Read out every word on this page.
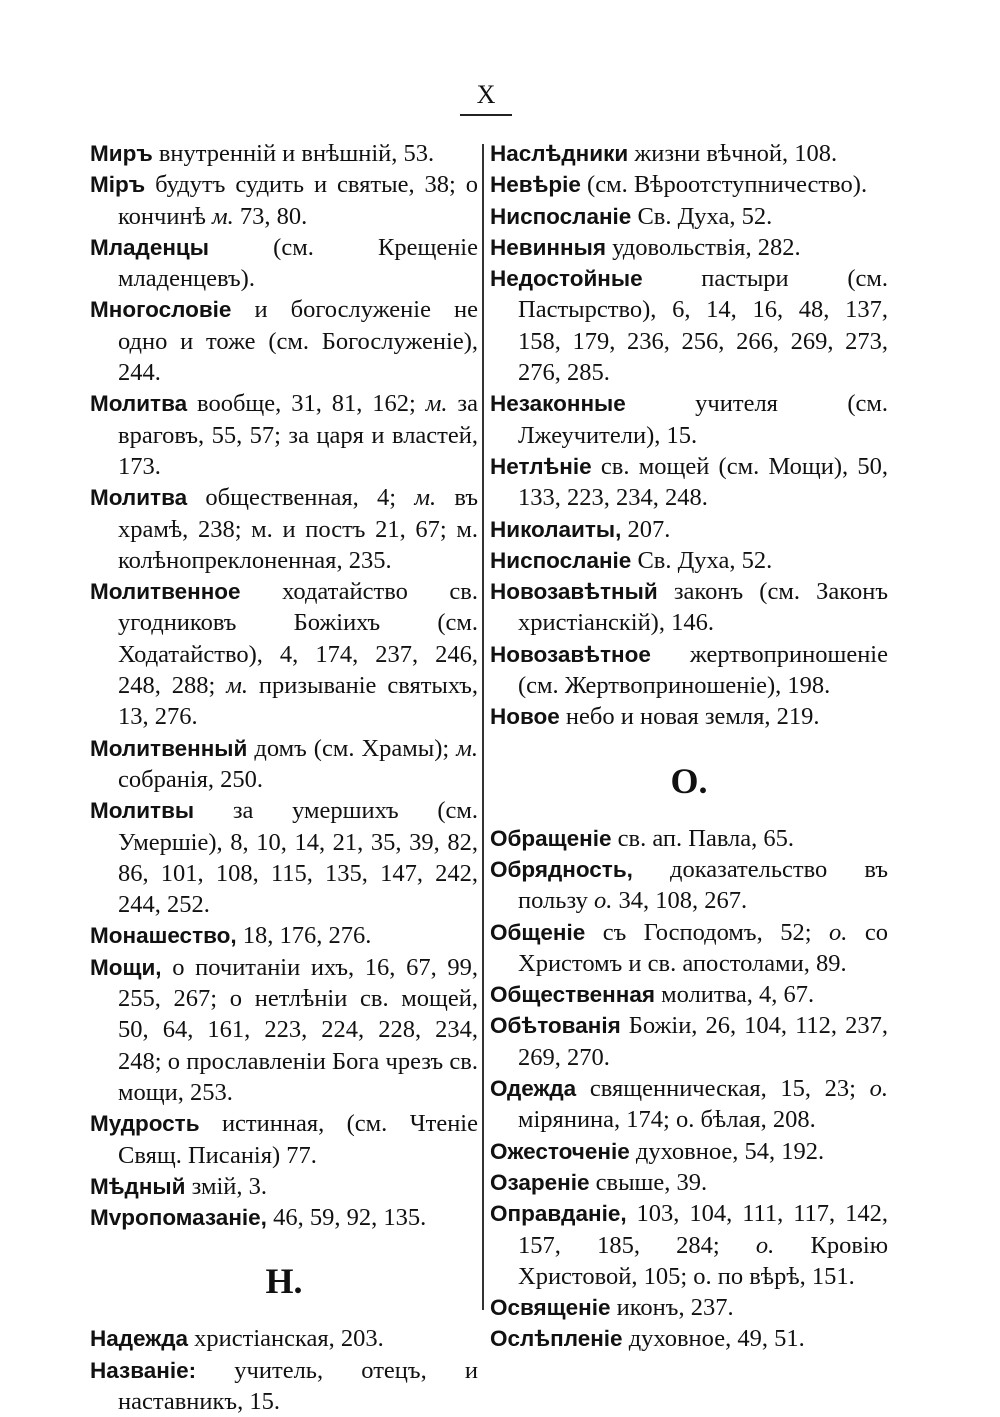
X
Миръ внутренній и внѣшній, 53.
Міръ будутъ судить и святые, 38; о кончинѣ м. 73, 80.
Младенцы (см. Крещеніе младенцевъ).
Многословіе и богослуженіе не одно и тоже (см. Богослуженіе), 244.
Молитва вообще, 31, 81, 162; м. за враговъ, 55, 57; за царя и властей, 173.
Молитва общественная, 4; м. въ храмѣ, 238; м. и постъ 21, 67; м. колѣнопреклоненная, 235.
Молитвенное ходатайство св. угодниковъ Божіихъ (см. Ходатайство), 4, 174, 237, 246, 248, 288; м. призываніе святыхъ, 13, 276.
Молитвенный домъ (см. Храмы); м. собранія, 250.
Молитвы за умершихъ (см. Умершіе), 8, 10, 14, 21, 35, 39, 82, 86, 101, 108, 115, 135, 147, 242, 244, 252.
Монашество, 18, 176, 276.
Мощи, о почитаніи ихъ, 16, 67, 99, 255, 267; о нетлѣніи св. мощей, 50, 64, 161, 223, 224, 228, 234, 248; о прославленіи Бога чрезъ св. мощи, 253.
Мудрость истинная, (см. Чтеніе Свящ. Писанія) 77.
Мѣдный змій, 3.
Мvропомазаніе, 46, 59, 92, 135.
Н.
Надежда христіанская, 203.
Названіе: учитель, отецъ, и наставникъ, 15.
Наслѣдники жизни вѣчной, 108.
Невѣріе (см. Вѣроотступничество).
Ниспосланіе Св. Духа, 52.
Невинныя удовольствія, 282.
Недостойные пастыри (см. Пастырство), 6, 14, 16, 48, 137, 158, 179, 236, 256, 266, 269, 273, 276, 285.
Незаконные учителя (см. Лжеучители), 15.
Нетлѣніе св. мощей (см. Мощи), 50, 133, 223, 234, 248.
Николаиты, 207.
Ниспосланіе Св. Духа, 52.
Новозавѣтный законъ (см. Законъ христіанскій), 146.
Новозавѣтное жертвоприношеніе (см. Жертвоприношеніе), 198.
Новое небо и новая земля, 219.
О.
Обращеніе св. ап. Павла, 65.
Обрядность, доказательство въ пользу о. 34, 108, 267.
Общеніе съ Господомъ, 52; о. со Христомъ и св. апостолами, 89.
Общественная молитва, 4, 67.
Обѣтованія Божіи, 26, 104, 112, 237, 269, 270.
Одежда священническая, 15, 23; о. мірянина, 174; о. бѣлая, 208.
Ожесточеніе духовное, 54, 192.
Озареніе свыше, 39.
Оправданіе, 103, 104, 111, 117, 142, 157, 185, 284; о. Кровію Христовой, 105; о. по вѣрѣ, 151.
Освященіе иконъ, 237.
Ослѣпленіе духовное, 49, 51.
